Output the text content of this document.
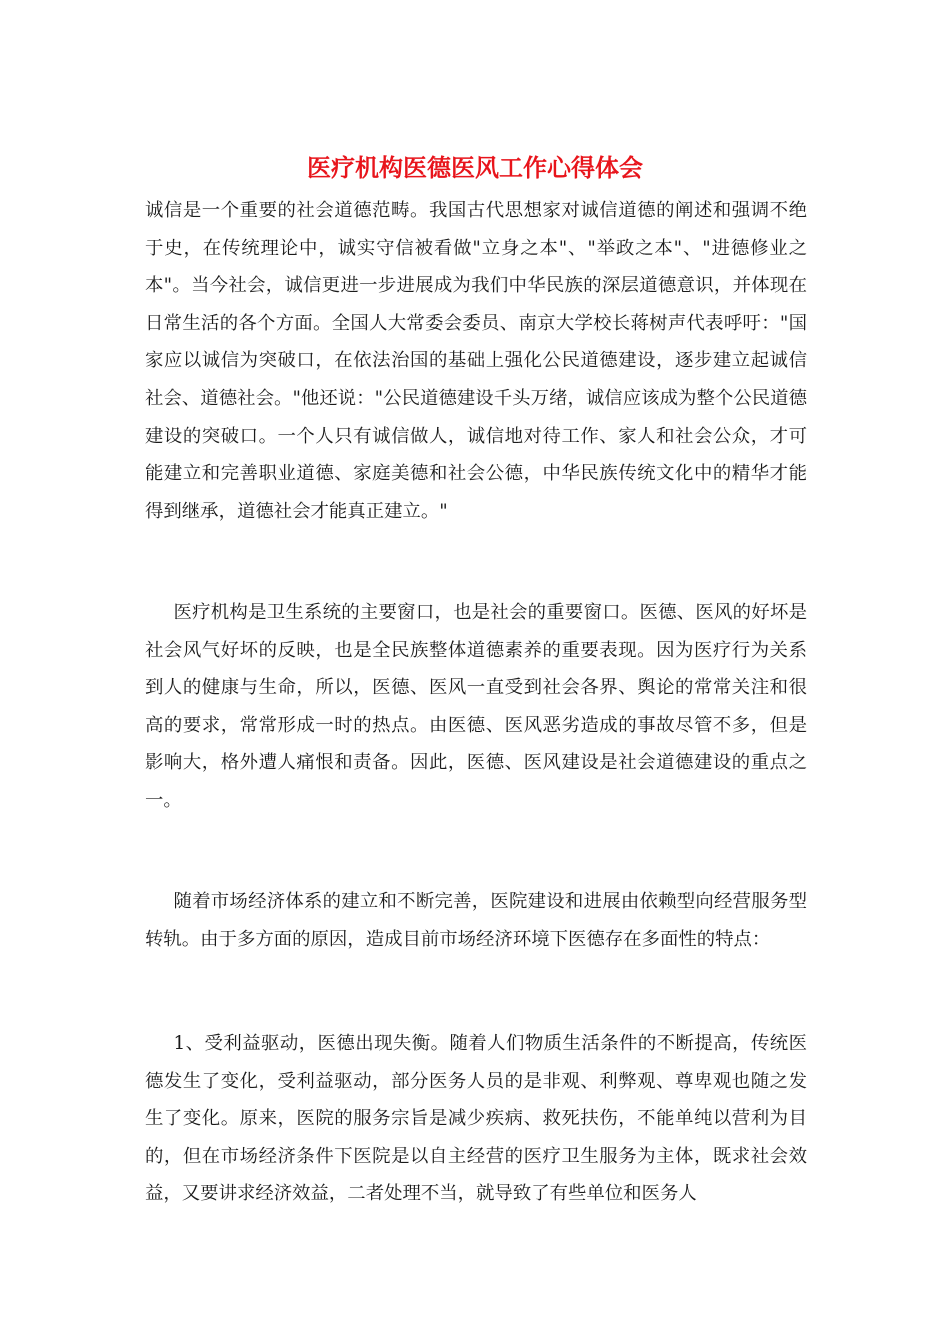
医疗机构医德医风工作心得体会

诚信是一个重要的社会道德范畴。我国古代思想家对诚信道德的阐述和强调不绝于史，在传统理论中，诚实守信被看做"立身之本"、"举政之本"、"进德修业之本"。当今社会，诚信更进一步进展成为我们中华民族的深层道德意识，并体现在日常生活的各个方面。全国人大常委会委员、南京大学校长蒋树声代表呼吁："国家应以诚信为突破口，在依法治国的基础上强化公民道德建设，逐步建立起诚信社会、道德社会。"他还说："公民道德建设千头万绪，诚信应该成为整个公民道德建设的突破口。一个人只有诚信做人，诚信地对待工作、家人和社会公众，才可能建立和完善职业道德、家庭美德和社会公德，中华民族传统文化中的精华才能得到继承，道德社会才能真正建立。"

医疗机构是卫生系统的主要窗口，也是社会的重要窗口。医德、医风的好坏是社会风气好坏的反映，也是全民族整体道德素养的重要表现。因为医疗行为关系到人的健康与生命，所以，医德、医风一直受到社会各界、舆论的常常关注和很高的要求，常常形成一时的热点。由医德、医风恶劣造成的事故尽管不多，但是影响大，格外遭人痛恨和责备。因此，医德、医风建设是社会道德建设的重点之一。

随着市场经济体系的建立和不断完善，医院建设和进展由依赖型向经营服务型转轨。由于多方面的原因，造成目前市场经济环境下医德存在多面性的特点：

1、受利益驱动，医德出现失衡。随着人们物质生活条件的不断提高，传统医德发生了变化，受利益驱动，部分医务人员的是非观、利弊观、尊卑观也随之发生了变化。原来，医院的服务宗旨是减少疾病、救死扶伤，不能单纯以营利为目的，但在市场经济条件下医院是以自主经营的医疗卫生服务为主体，既求社会效益，又要讲求经济效益，二者处理不当，就导致了有些单位和医务人
